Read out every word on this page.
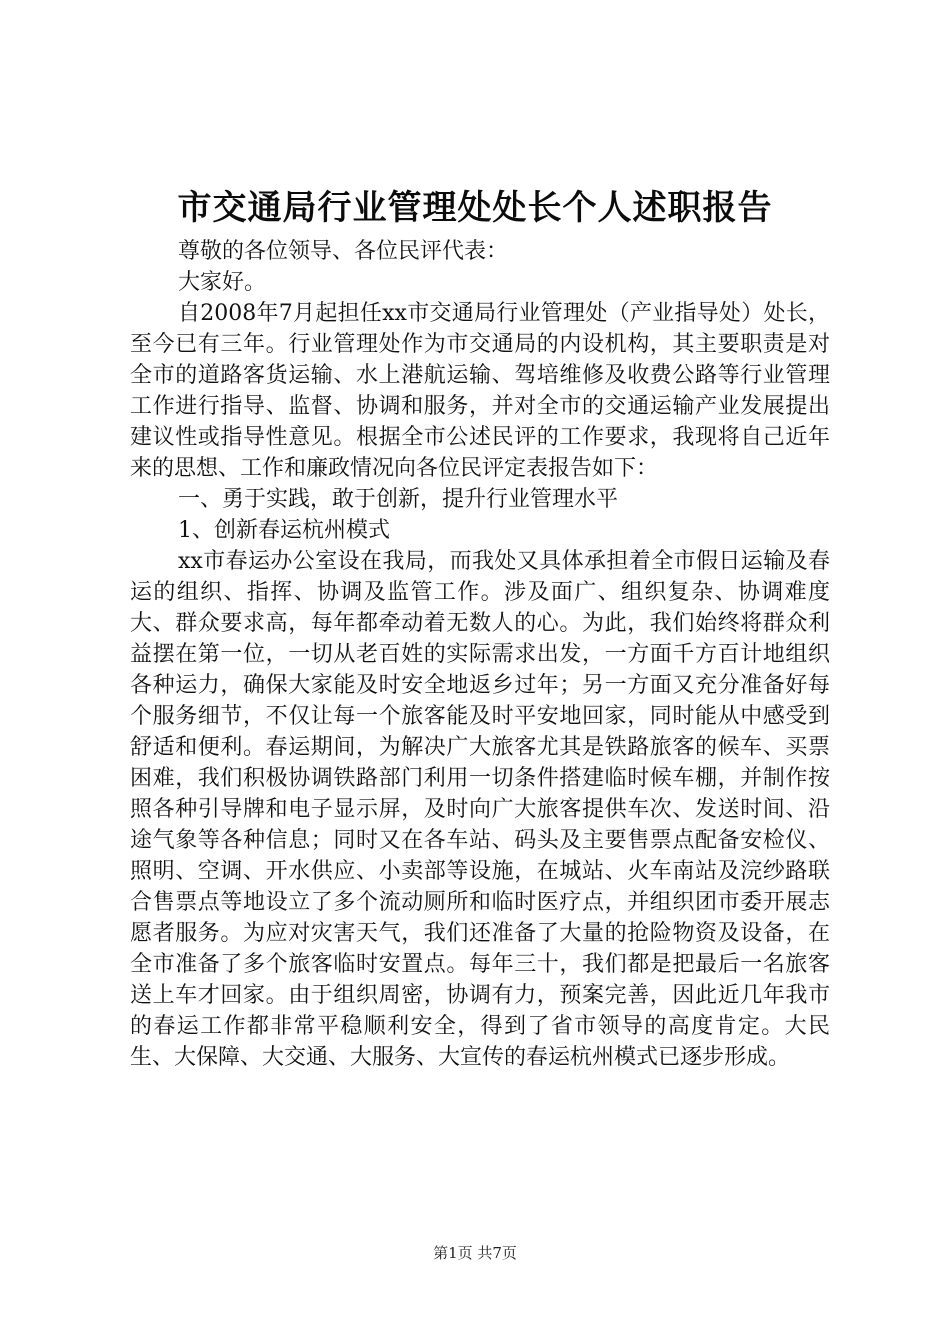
市交通局行业管理处处长个人述职报告

尊敬的各位领导、各位民评代表：

大家好。

自2008年7月起担任xx市交通局行业管理处（产业指导处）处长，至今已有三年。行业管理处作为市交通局的内设机构，其主要职责是对全市的道路客货运输、水上港航运输、驾培维修及收费公路等行业管理工作进行指导、监督、协调和服务，并对全市的交通运输产业发展提出建议性或指导性意见。根据全市公述民评的工作要求，我现将自己近年来的思想、工作和廉政情况向各位民评定表报告如下：

一、勇于实践，敢于创新，提升行业管理水平

1、创新春运杭州模式

xx市春运办公室设在我局，而我处又具体承担着全市假日运输及春运的组织、指挥、协调及监管工作。涉及面广、组织复杂、协调难度大、群众要求高，每年都牵动着无数人的心。为此，我们始终将群众利益摆在第一位，一切从老百姓的实际需求出发，一方面千方百计地组织各种运力，确保大家能及时安全地返乡过年；另一方面又充分准备好每个服务细节，不仅让每一个旅客能及时平安地回家，同时能从中感受到舒适和便利。春运期间，为解决广大旅客尤其是铁路旅客的候车、买票困难，我们积极协调铁路部门利用一切条件搭建临时候车棚，并制作按照各种引导牌和电子显示屏，及时向广大旅客提供车次、发送时间、沿途气象等各种信息；同时又在各车站、码头及主要售票点配备安检仪、照明、空调、开水供应、小卖部等设施，在城站、火车南站及浣纱路联合售票点等地设立了多个流动厕所和临时医疗点，并组织团市委开展志愿者服务。为应对灾害天气，我们还准备了大量的抢险物资及设备，在全市准备了多个旅客临时安置点。每年三十，我们都是把最后一名旅客送上车才回家。由于组织周密，协调有力，预案完善，因此近几年我市的春运工作都非常平稳顺利安全，得到了省市领导的高度肯定。大民生、大保障、大交通、大服务、大宣传的春运杭州模式已逐步形成。

第1页 共7页
